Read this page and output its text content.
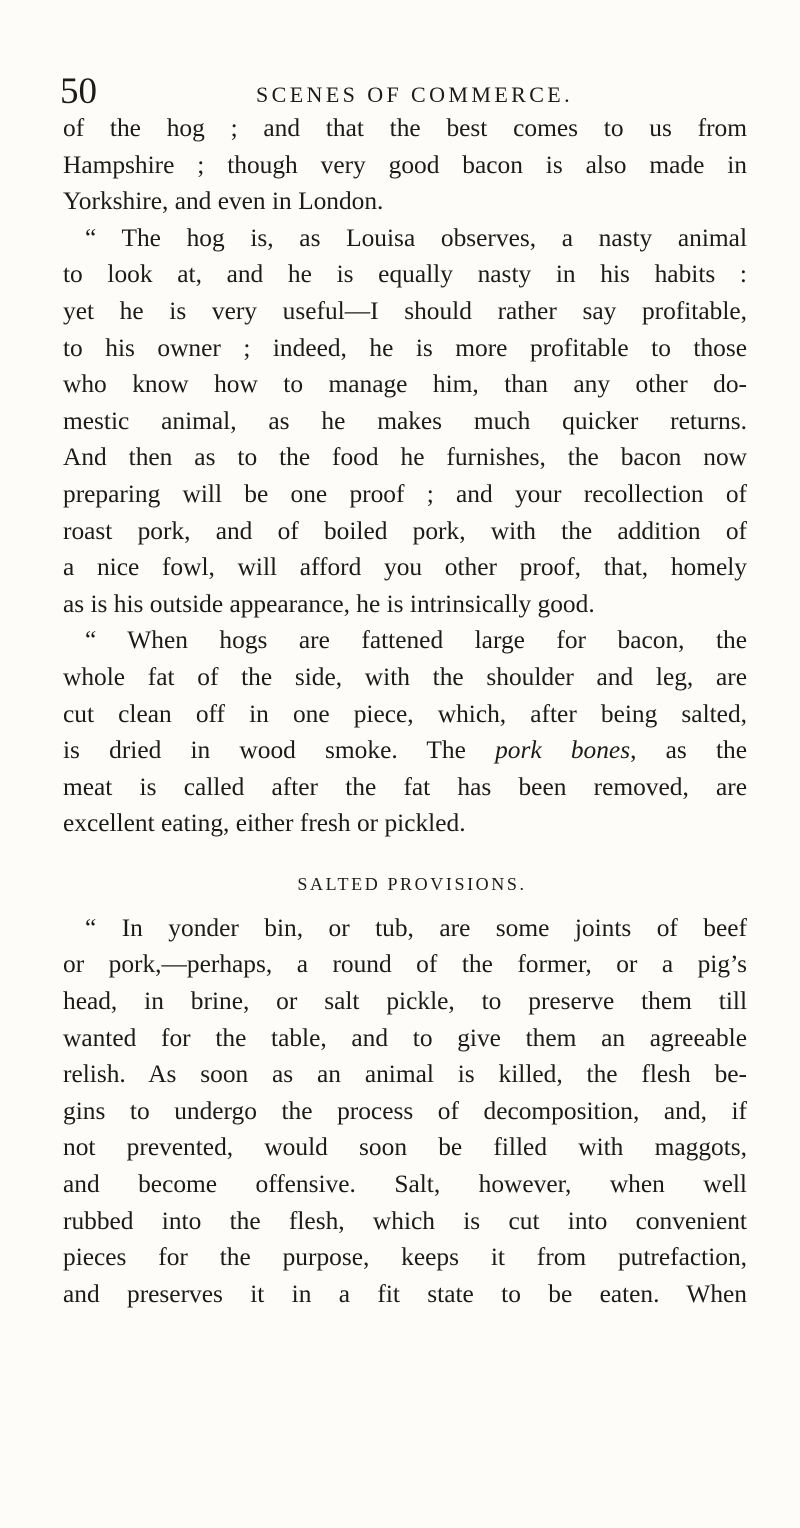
50	SCENES OF COMMERCE.
of the hog ; and that the best comes to us from
Hampshire ; though very good bacon is also made in
Yorkshire, and even in London.
“ The hog is, as Louisa observes, a nasty animal
to look at, and he is equally nasty in his habits :
yet he is very useful—I should rather say profitable,
to his owner ; indeed, he is more profitable to those
who know how to manage him, than any other do-
mestic animal, as he makes much quicker returns.
And then as to the food he furnishes, the bacon now
preparing will be one proof ; and your recollection of
roast pork, and of boiled pork, with the addition of
a nice fowl, will afford you other proof, that, homely
as is his outside appearance, he is intrinsically good.
“ When hogs are fattened large for bacon, the
whole fat of the side, with the shoulder and leg, are
cut clean off in one piece, which, after being salted,
is dried in wood smoke. The pork bones, as the
meat is called after the fat has been removed, are
excellent eating, either fresh or pickled.
SALTED PROVISIONS.
“ In yonder bin, or tub, are some joints of beef
or pork,—perhaps, a round of the former, or a pig’s
head, in brine, or salt pickle, to preserve them till
wanted for the table, and to give them an agreeable
relish. As soon as an animal is killed, the flesh be-
gins to undergo the process of decomposition, and, if
not prevented, would soon be filled with maggots,
and become offensive. Salt, however, when well
rubbed into the flesh, which is cut into convenient
pieces for the purpose, keeps it from putrefaction,
and preserves it in a fit state to be eaten. When
